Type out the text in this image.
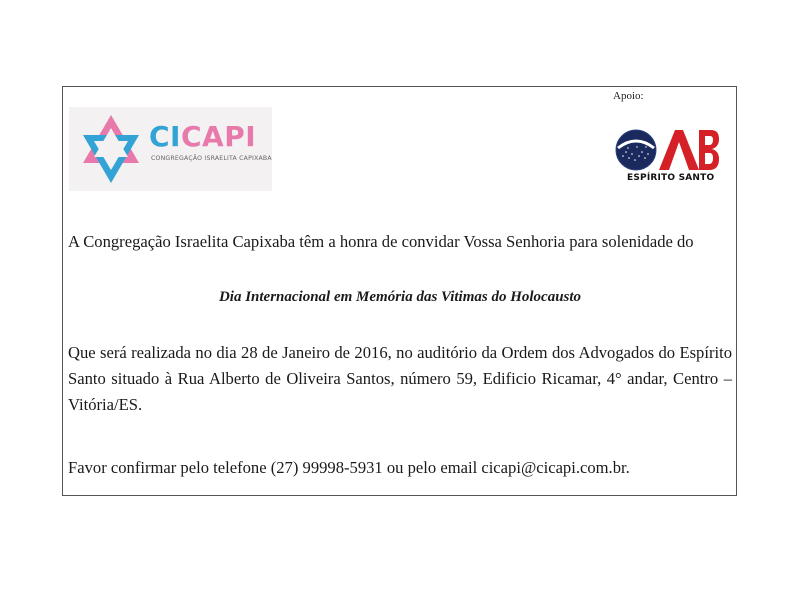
Apoio:
CICAPI
CONGREGAÇÃO ISRAELITA CAPIXABA
ESPÍRITO SANTO
A Congregação Israelita Capixaba têm a honra de convidar Vossa Senhoria para solenidade do
Dia Internacional em Memória das Vitimas do Holocausto
Que será realizada no dia 28 de Janeiro de 2016, no auditório da Ordem dos Advogados do Espírito Santo situado à Rua Alberto de Oliveira Santos, número 59, Edificio Ricamar, 4° andar, Centro – Vitória/ES.
Favor confirmar pelo telefone (27) 99998-5931 ou pelo email cicapi@cicapi.com.br.
